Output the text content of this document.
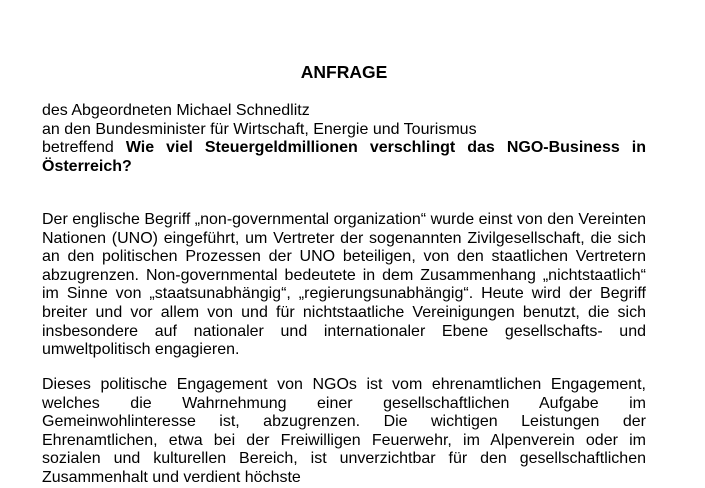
ANFRAGE
des Abgeordneten Michael Schnedlitz
an den Bundesminister für Wirtschaft, Energie und Tourismus
betreffend Wie viel Steuergeldmillionen verschlingt das NGO-Business in Österreich?

Der englische Begriff „non-governmental organization“ wurde einst von den Vereinten Nationen (UNO) eingeführt, um Vertreter der sogenannten Zivilgesellschaft, die sich an den politischen Prozessen der UNO beteiligen, von den staatlichen Vertretern abzugrenzen. Non-governmental bedeutete in dem Zusammenhang „nichtstaatlich“ im Sinne von „staatsunabhängig“, „regierungsunabhängig“. Heute wird der Begriff breiter und vor allem von und für nichtstaatliche Vereinigungen benutzt, die sich insbesondere auf nationaler und internationaler Ebene gesellschafts- und umweltpolitisch engagieren.

Dieses politische Engagement von NGOs ist vom ehrenamtlichen Engagement, welches die Wahrnehmung einer gesellschaftlichen Aufgabe im Gemeinwohlinteresse ist, abzugrenzen. Die wichtigen Leistungen der Ehrenamtlichen, etwa bei der Freiwilligen Feuerwehr, im Alpenverein oder im sozialen und kulturellen Bereich, ist unverzichtbar für den gesellschaftlichen Zusammenhalt und verdient höchste
